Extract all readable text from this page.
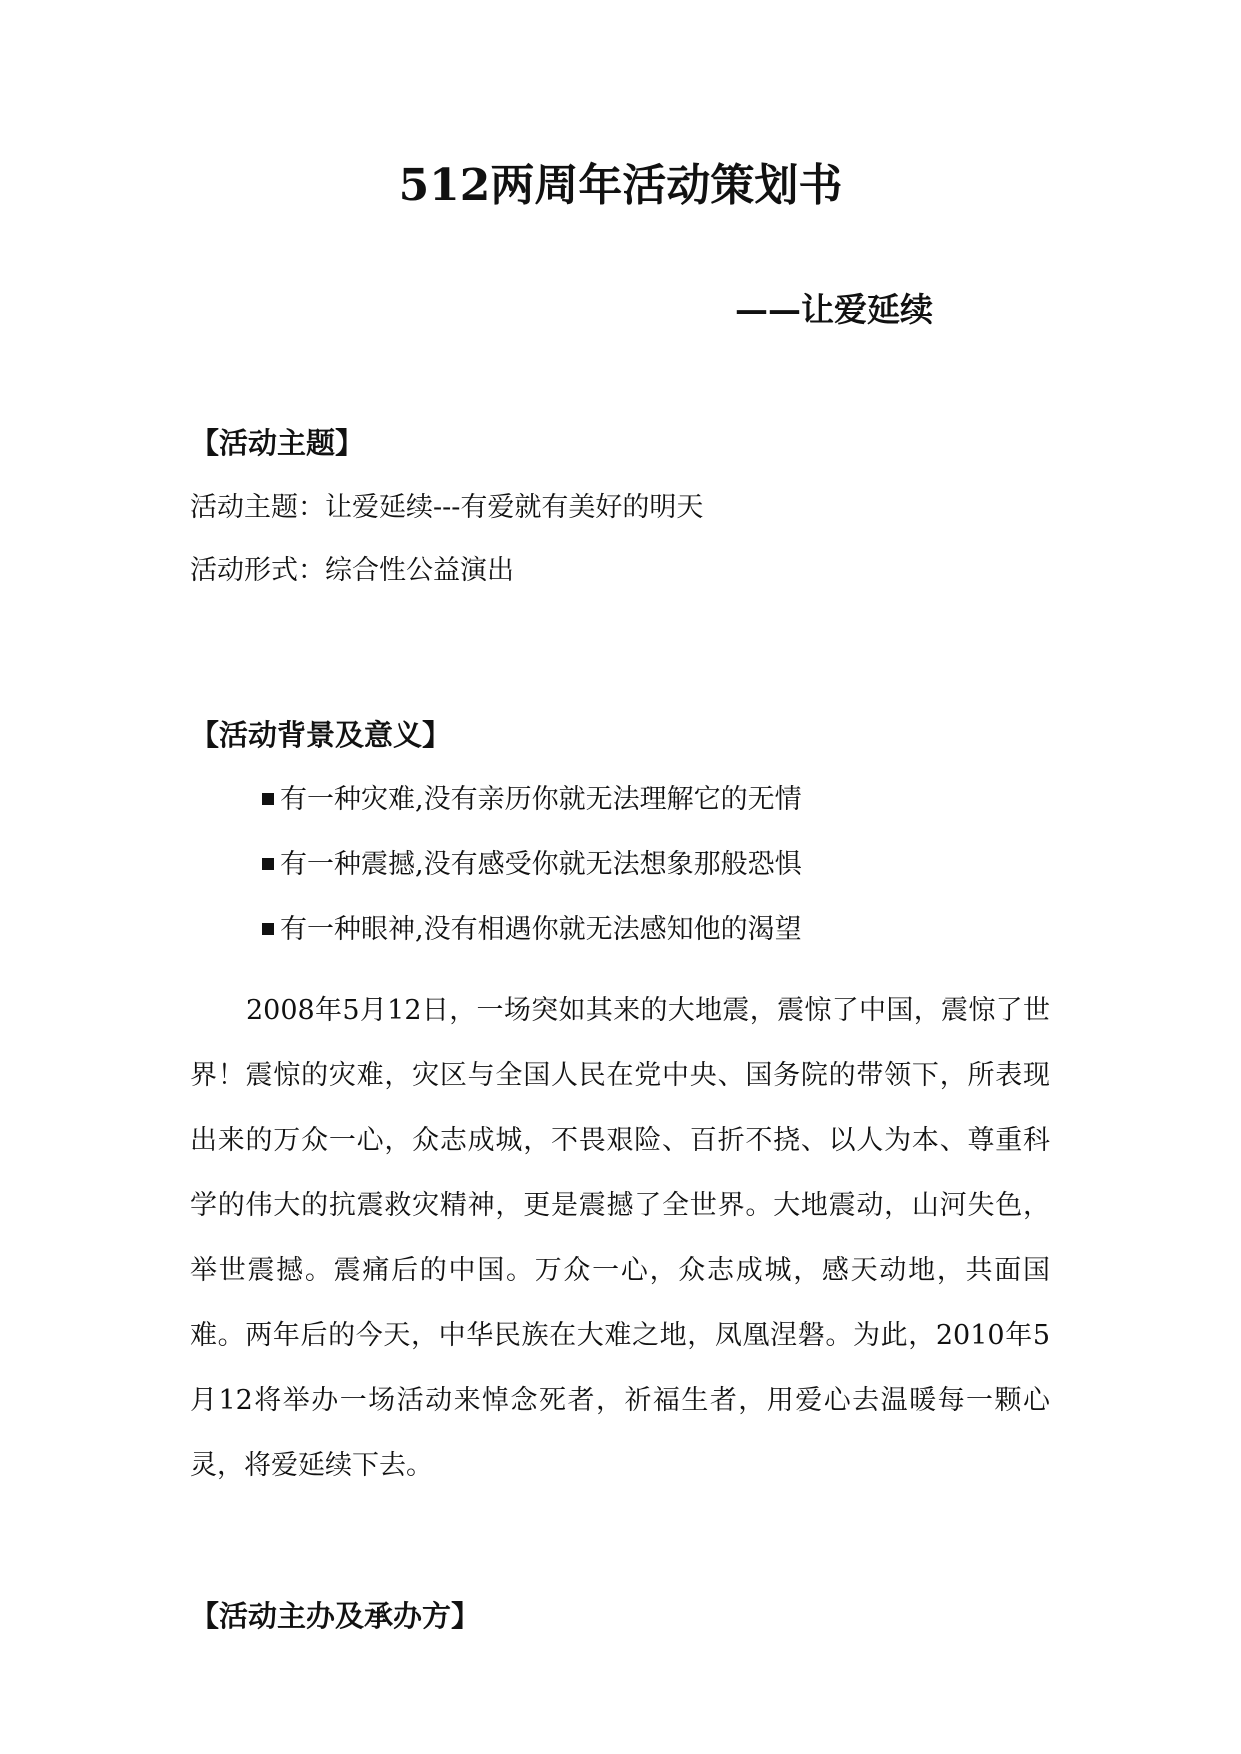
512两周年活动策划书
——让爱延续
【活动主题】

活动主题：让爱延续---有爱就有美好的明天

活动形式：综合性公益演出

【活动背景及意义】

有一种灾难,没有亲历你就无法理解它的无情

有一种震撼,没有感受你就无法想象那般恐惧

有一种眼神,没有相遇你就无法感知他的渴望

2008年5月12日，一场突如其来的大地震，震惊了中国，震惊了世界！震惊的灾难，灾区与全国人民在党中央、国务院的带领下，所表现出来的万众一心，众志成城，不畏艰险、百折不挠、以人为本、尊重科学的伟大的抗震救灾精神，更是震撼了全世界。大地震动，山河失色，举世震撼。震痛后的中国。万众一心，众志成城，感天动地，共面国难。两年后的今天，中华民族在大难之地，凤凰涅磐。为此，2010年5月12将举办一场活动来悼念死者，祈福生者，用爱心去温暖每一颗心灵，将爱延续下去。

【活动主办及承办方】
